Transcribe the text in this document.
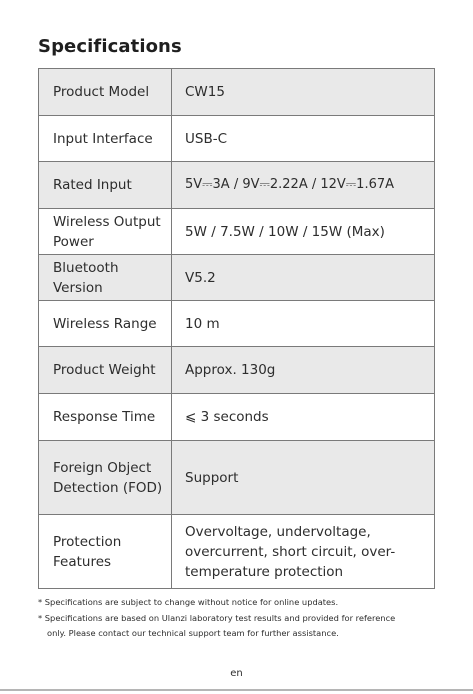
Specifications
Product Model	CW15
Input Interface	USB-C
Rated Input	5V⎓3A / 9V⎓2.22A / 12V⎓1.67A
Wireless Output Power	5W / 7.5W / 10W / 15W (Max)
Bluetooth Version	V5.2
Wireless Range	10 m
Product Weight	Approx. 130g
Response Time	⩽ 3 seconds
Foreign Object Detection (FOD)	Support
Protection Features	Overvoltage, undervoltage, overcurrent, short circuit, over-temperature protection

* Specifications are subject to change without notice for online updates.

* Specifications are based on Ulanzi laboratory test results and provided for reference

only. Please contact our technical support team for further assistance.

en
